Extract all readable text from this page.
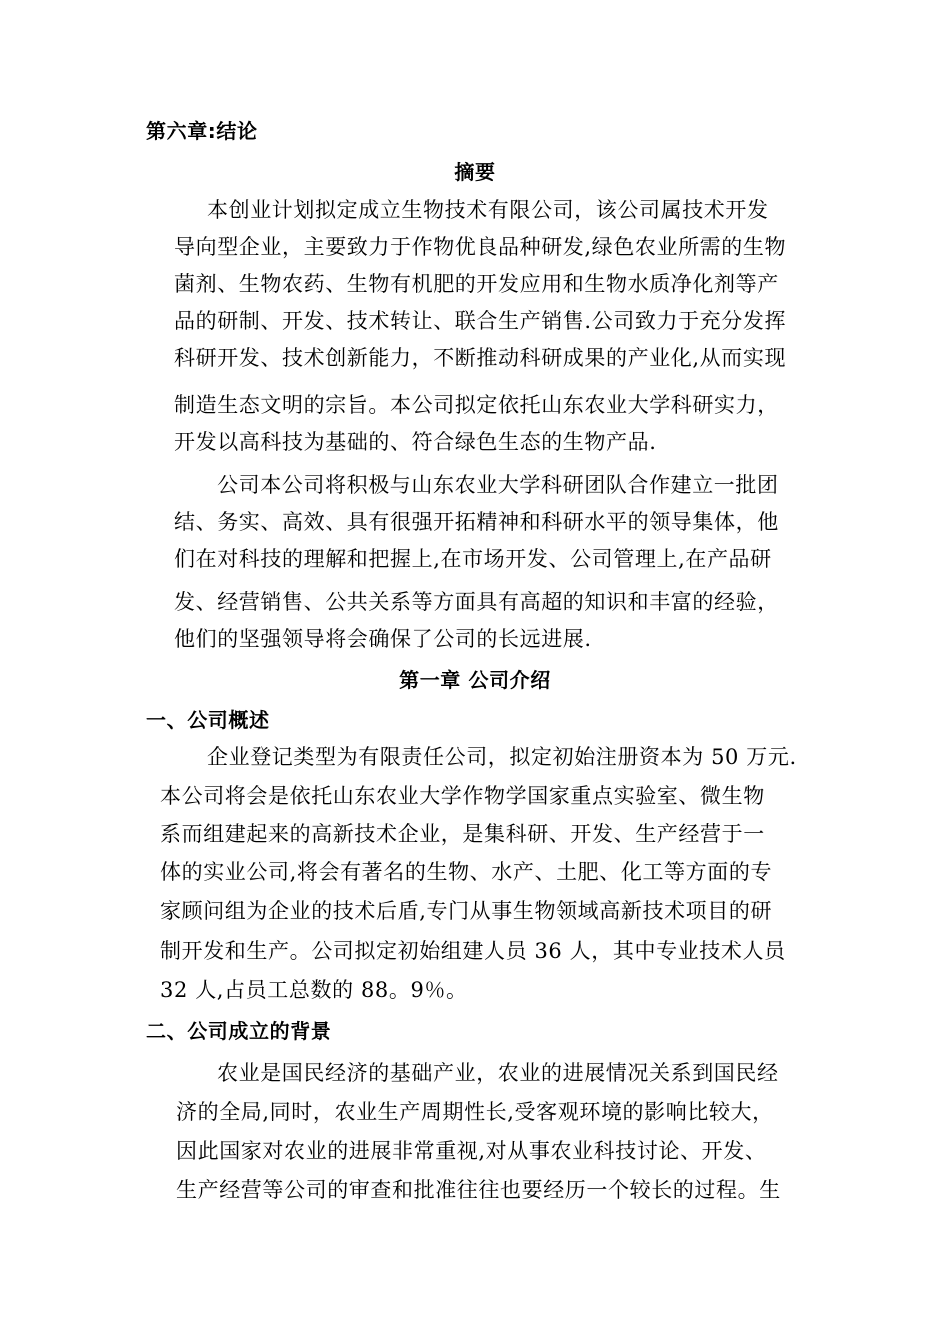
第六章:结论
摘要
本创业计划拟定成立生物技术有限公司，该公司属技术开发
导向型企业，主要致力于作物优良品种研发,绿色农业所需的生物
菌剂、生物农药、生物有机肥的开发应用和生物水质净化剂等产
品的研制、开发、技术转让、联合生产销售.公司致力于充分发挥
科研开发、技术创新能力，不断推动科研成果的产业化,从而实现
制造生态文明的宗旨。本公司拟定依托山东农业大学科研实力，
开发以高科技为基础的、符合绿色生态的生物产品.
公司本公司将积极与山东农业大学科研团队合作建立一批团
结、务实、高效、具有很强开拓精神和科研水平的领导集体，他
们在对科技的理解和把握上,在市场开发、公司管理上,在产品研
发、经营销售、公共关系等方面具有高超的知识和丰富的经验，
他们的坚强领导将会确保了公司的长远进展.
第一章 公司介绍
一、公司概述
企业登记类型为有限责任公司，拟定初始注册资本为 50 万元.
本公司将会是依托山东农业大学作物学国家重点实验室、微生物
系而组建起来的高新技术企业，是集科研、开发、生产经营于一
体的实业公司,将会有著名的生物、水产、土肥、化工等方面的专
家顾问组为企业的技术后盾,专门从事生物领域高新技术项目的研
制开发和生产。公司拟定初始组建人员 36 人，其中专业技术人员
32 人,占员工总数的 88。9％。
二、公司成立的背景
农业是国民经济的基础产业，农业的进展情况关系到国民经
济的全局,同时，农业生产周期性长,受客观环境的影响比较大，
因此国家对农业的进展非常重视,对从事农业科技讨论、开发、
生产经营等公司的审查和批准往往也要经历一个较长的过程。生
